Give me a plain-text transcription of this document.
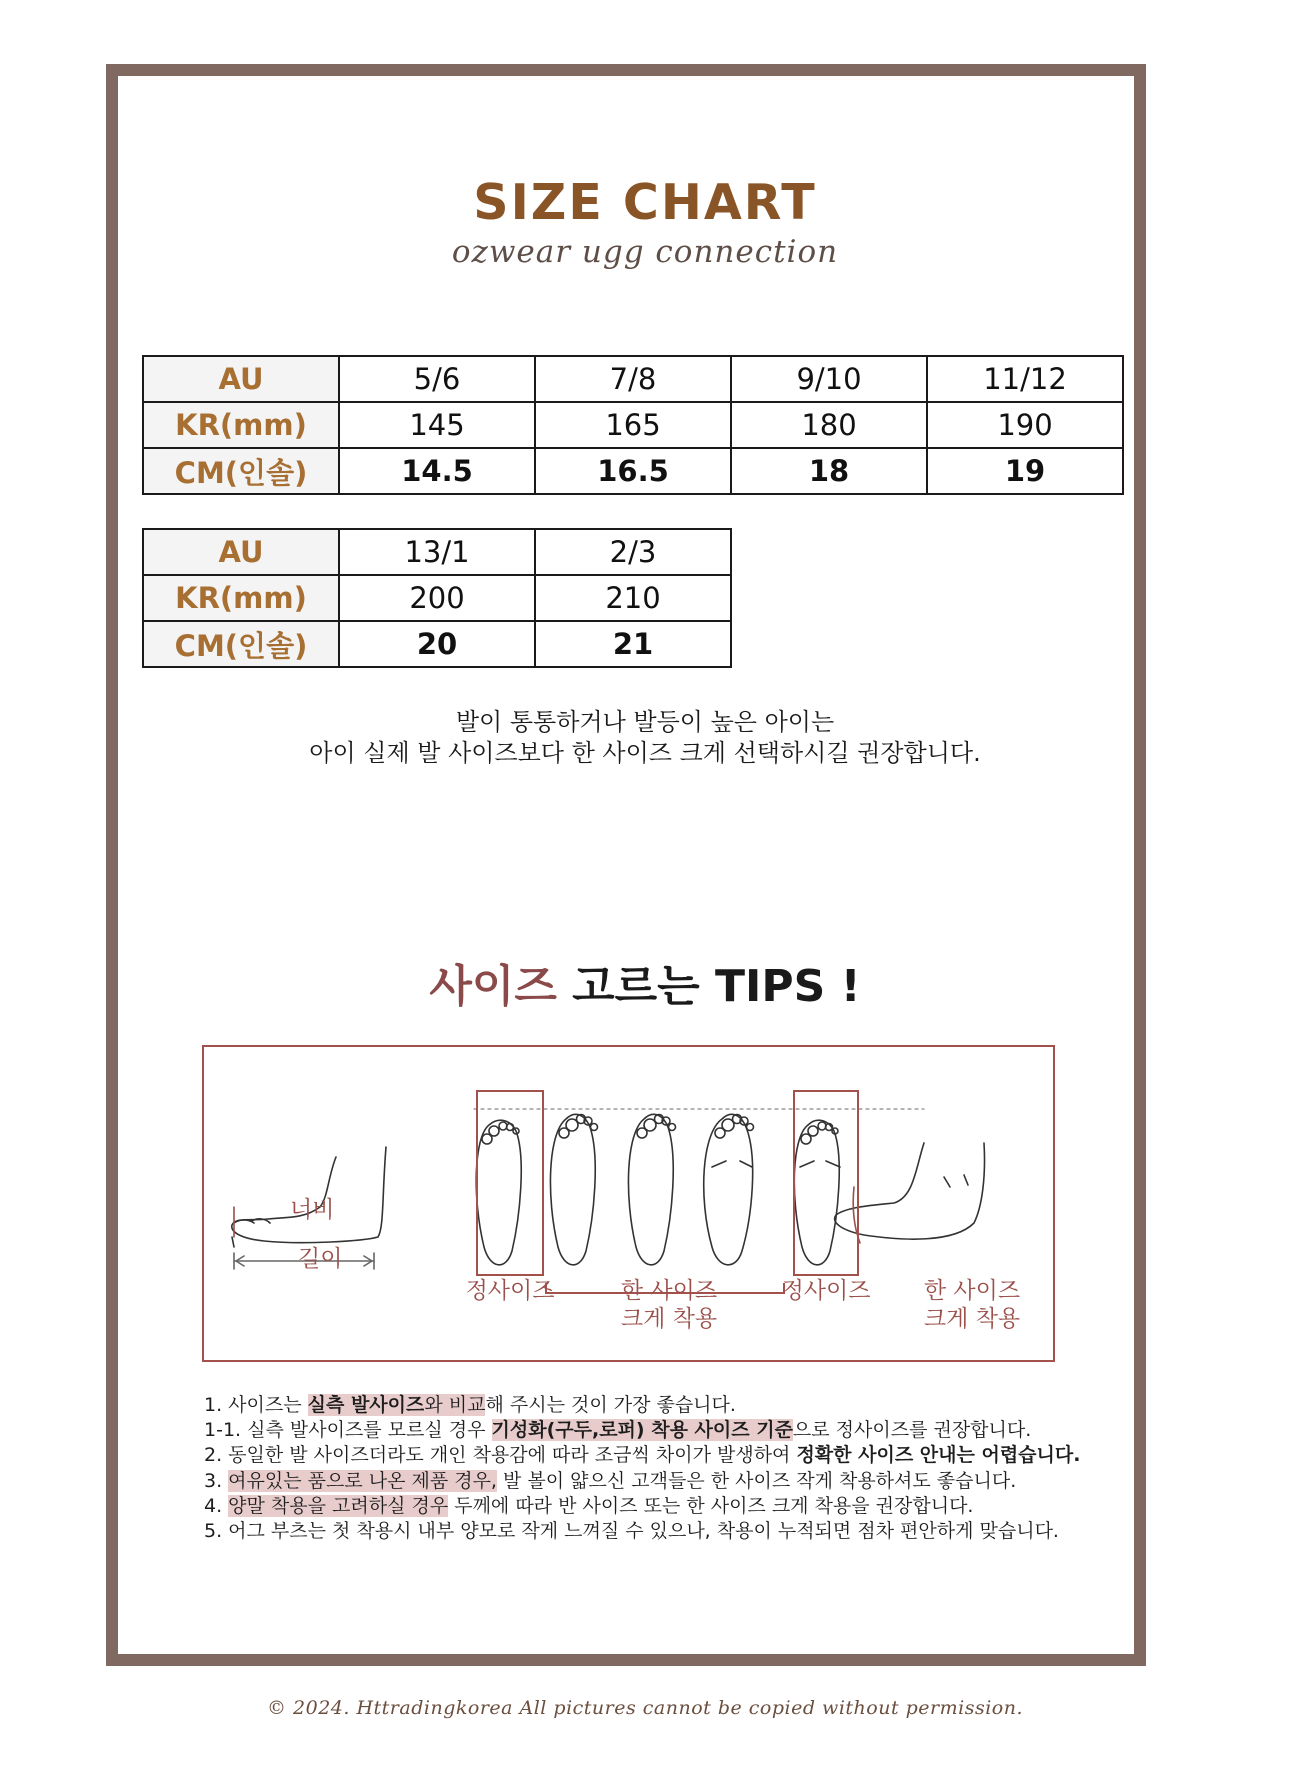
SIZE CHART
ozwear ugg connection
AU	5/6	7/8	9/10	11/12
KR(mm)	145	165	180	190
CM(인솔)	14.5	16.5	18	19
AU	13/1	2/3
KR(mm)	200	210
CM(인솔)	20	21
발이 통통하거나 발등이 높은 아이는
아이 실제 발 사이즈보다 한 사이즈 크게 선택하시길 권장합니다.
사이즈 고르는 TIPS !
너비
길이
정사이즈	한 사이즈
크게 착용
정사이즈	한 사이즈
크게 착용
1. 사이즈는 실측 발사이즈와 비교해 주시는 것이 가장 좋습니다.
1-1. 실측 발사이즈를 모르실 경우 기성화(구두,로퍼) 착용 사이즈 기준으로 정사이즈를 권장합니다.
2. 동일한 발 사이즈더라도 개인 착용감에 따라 조금씩 차이가 발생하여 정확한 사이즈 안내는 어렵습니다.
3. 여유있는 품으로 나온 제품 경우, 발 볼이 얇으신 고객들은 한 사이즈 작게 착용하셔도 좋습니다.
4. 양말 착용을 고려하실 경우 두께에 따라 반 사이즈 또는 한 사이즈 크게 착용을 권장합니다.
5. 어그 부츠는 첫 착용시 내부 양모로 작게 느껴질 수 있으나, 착용이 누적되면 점차 편안하게 맞습니다.
© 2024. Httradingkorea All pictures cannot be copied without permission.
